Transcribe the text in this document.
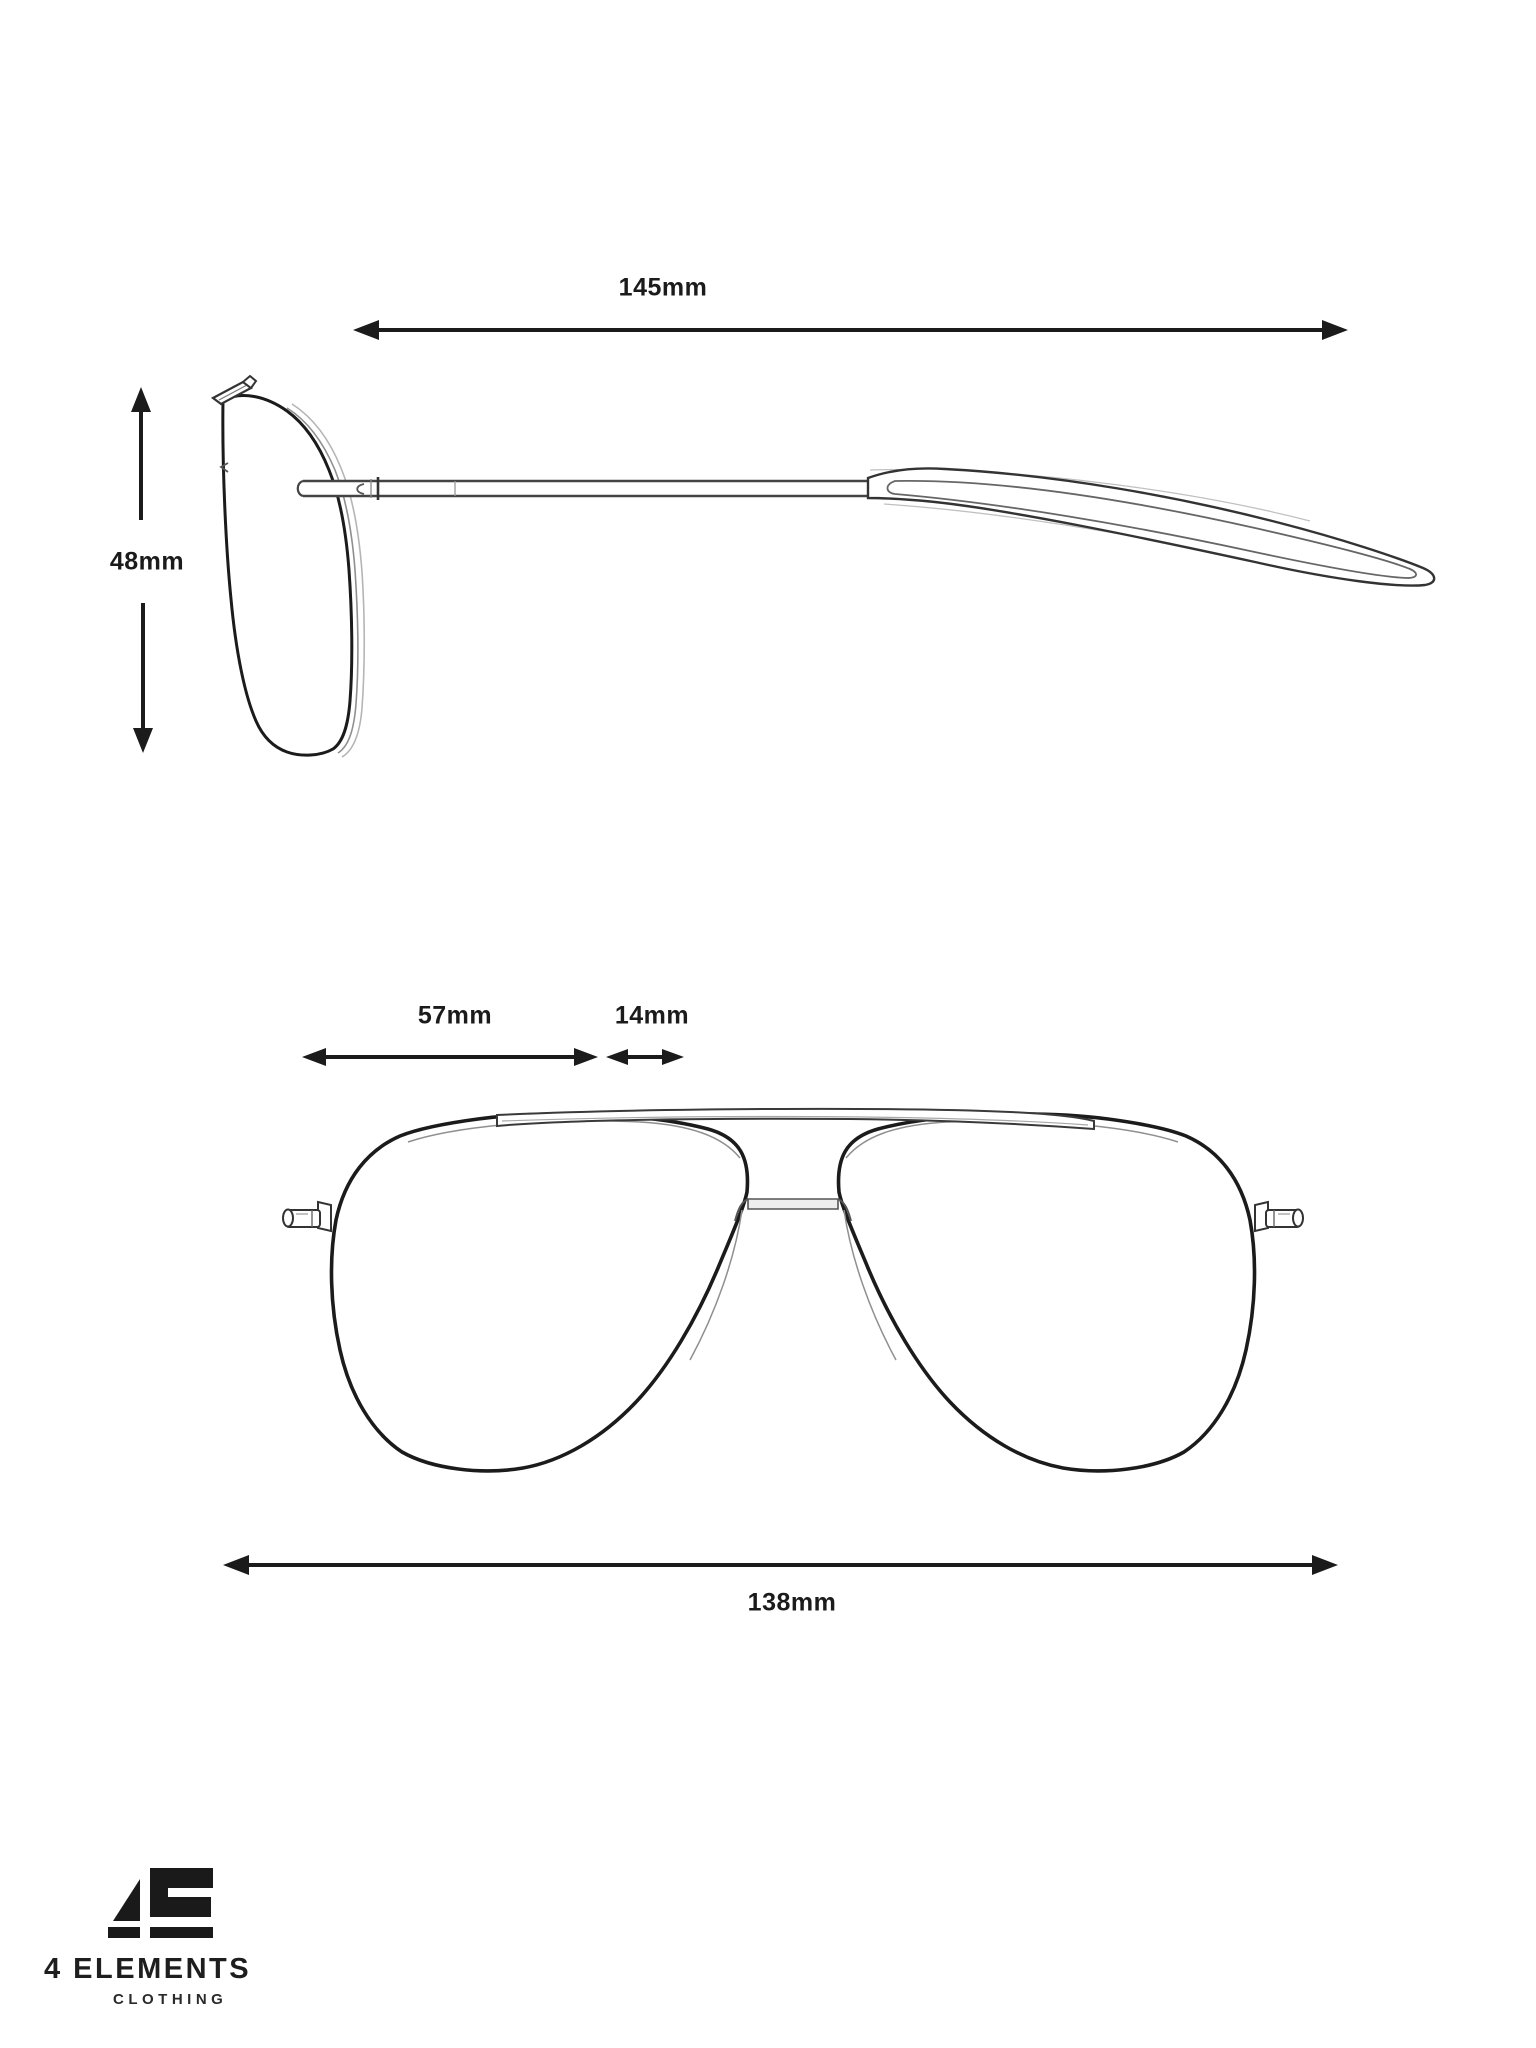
145mm
48mm
57mm	14mm
138mm
4 ELEMENTS
CLOTHING
